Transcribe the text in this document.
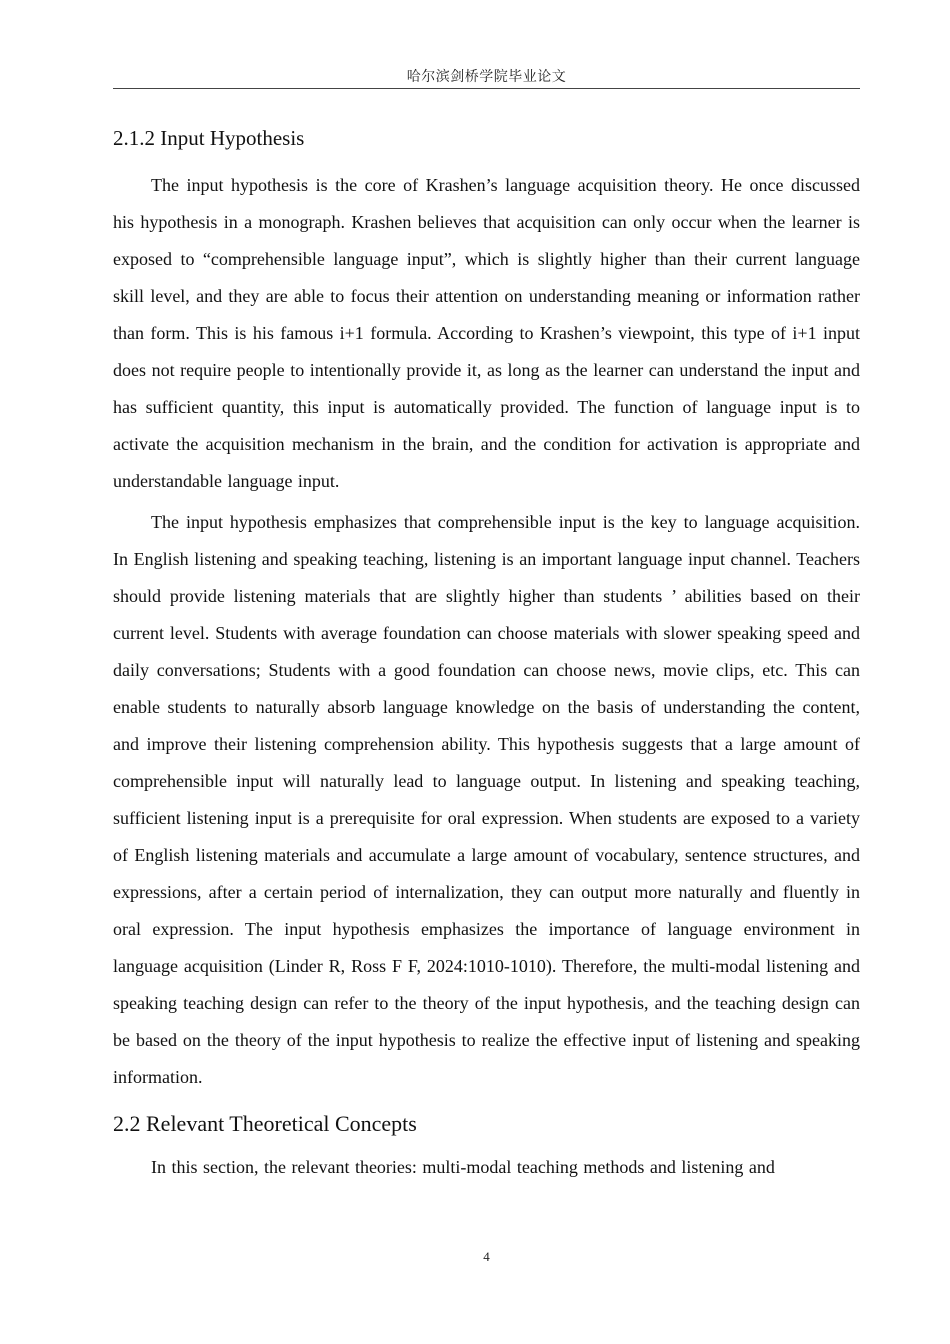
哈尔滨剑桥学院毕业论文
2.1.2 Input Hypothesis

The input hypothesis is the core of Krashen’s language acquisition theory. He once discussed his hypothesis in a monograph. Krashen believes that acquisition can only occur when the learner is exposed to “comprehensible language input”, which is slightly higher than their current language skill level, and they are able to focus their attention on understanding meaning or information rather than form. This is his famous i+1 formula. According to Krashen’s viewpoint, this type of i+1 input does not require people to intentionally provide it, as long as the learner can understand the input and has sufficient quantity, this input is automatically provided. The function of language input is to activate the acquisition mechanism in the brain, and the condition for activation is appropriate and understandable language input.

The input hypothesis emphasizes that comprehensible input is the key to language acquisition. In English listening and speaking teaching, listening is an important language input channel. Teachers should provide listening materials that are slightly higher than students ’ abilities based on their current level. Students with average foundation can choose materials with slower speaking speed and daily conversations; Students with a good foundation can choose news, movie clips, etc. This can enable students to naturally absorb language knowledge on the basis of understanding the content, and improve their listening comprehension ability. This hypothesis suggests that a large amount of comprehensible input will naturally lead to language output. In listening and speaking teaching, sufficient listening input is a prerequisite for oral expression. When students are exposed to a variety of English listening materials and accumulate a large amount of vocabulary, sentence structures, and expressions, after a certain period of internalization, they can output more naturally and fluently in oral expression. The input hypothesis emphasizes the importance of language environment in language acquisition (Linder R, Ross F F, 2024:1010-1010). Therefore, the multi-modal listening and speaking teaching design can refer to the theory of the input hypothesis, and the teaching design can be based on the theory of the input hypothesis to realize the effective input of listening and speaking information.

2.2 Relevant Theoretical Concepts

In this section, the relevant theories: multi-modal teaching methods and listening and

4
